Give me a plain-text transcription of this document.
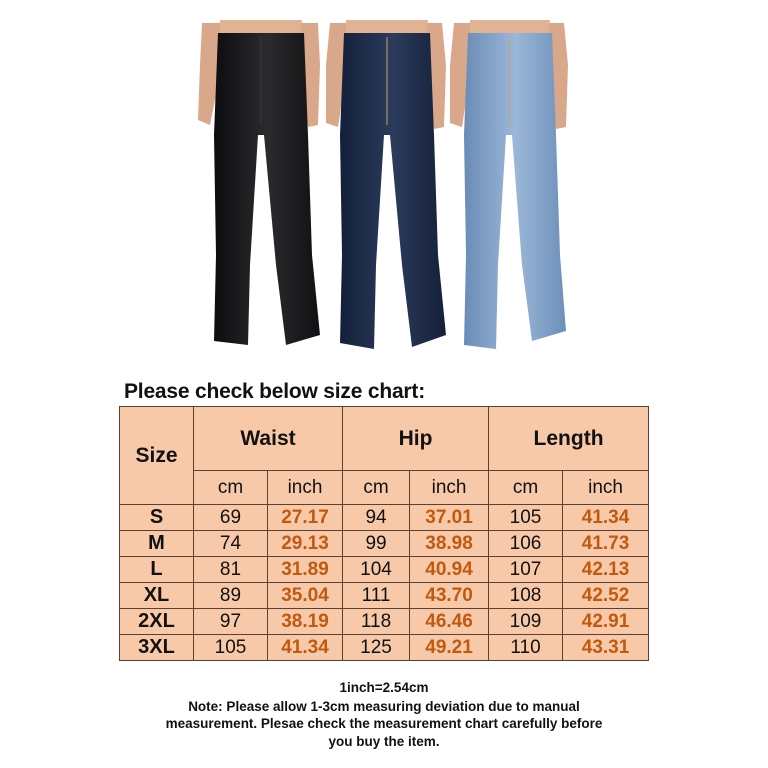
Please check below size chart:
Size	Waist		Hip		Length	
	cm	inch	cm	inch	cm	inch
S	69	27.17	94	37.01	105	41.34
M	74	29.13	99	38.98	106	41.73
L	81	31.89	104	40.94	107	42.13
XL	89	35.04	111	43.70	108	42.52
2XL	97	38.19	118	46.46	109	42.91
3XL	105	41.34	125	49.21	110	43.31
1inch=2.54cm
Note: Please allow 1-3cm measuring deviation due to manual
measurement. Plesae check the measurement chart carefully before
you buy the item.
